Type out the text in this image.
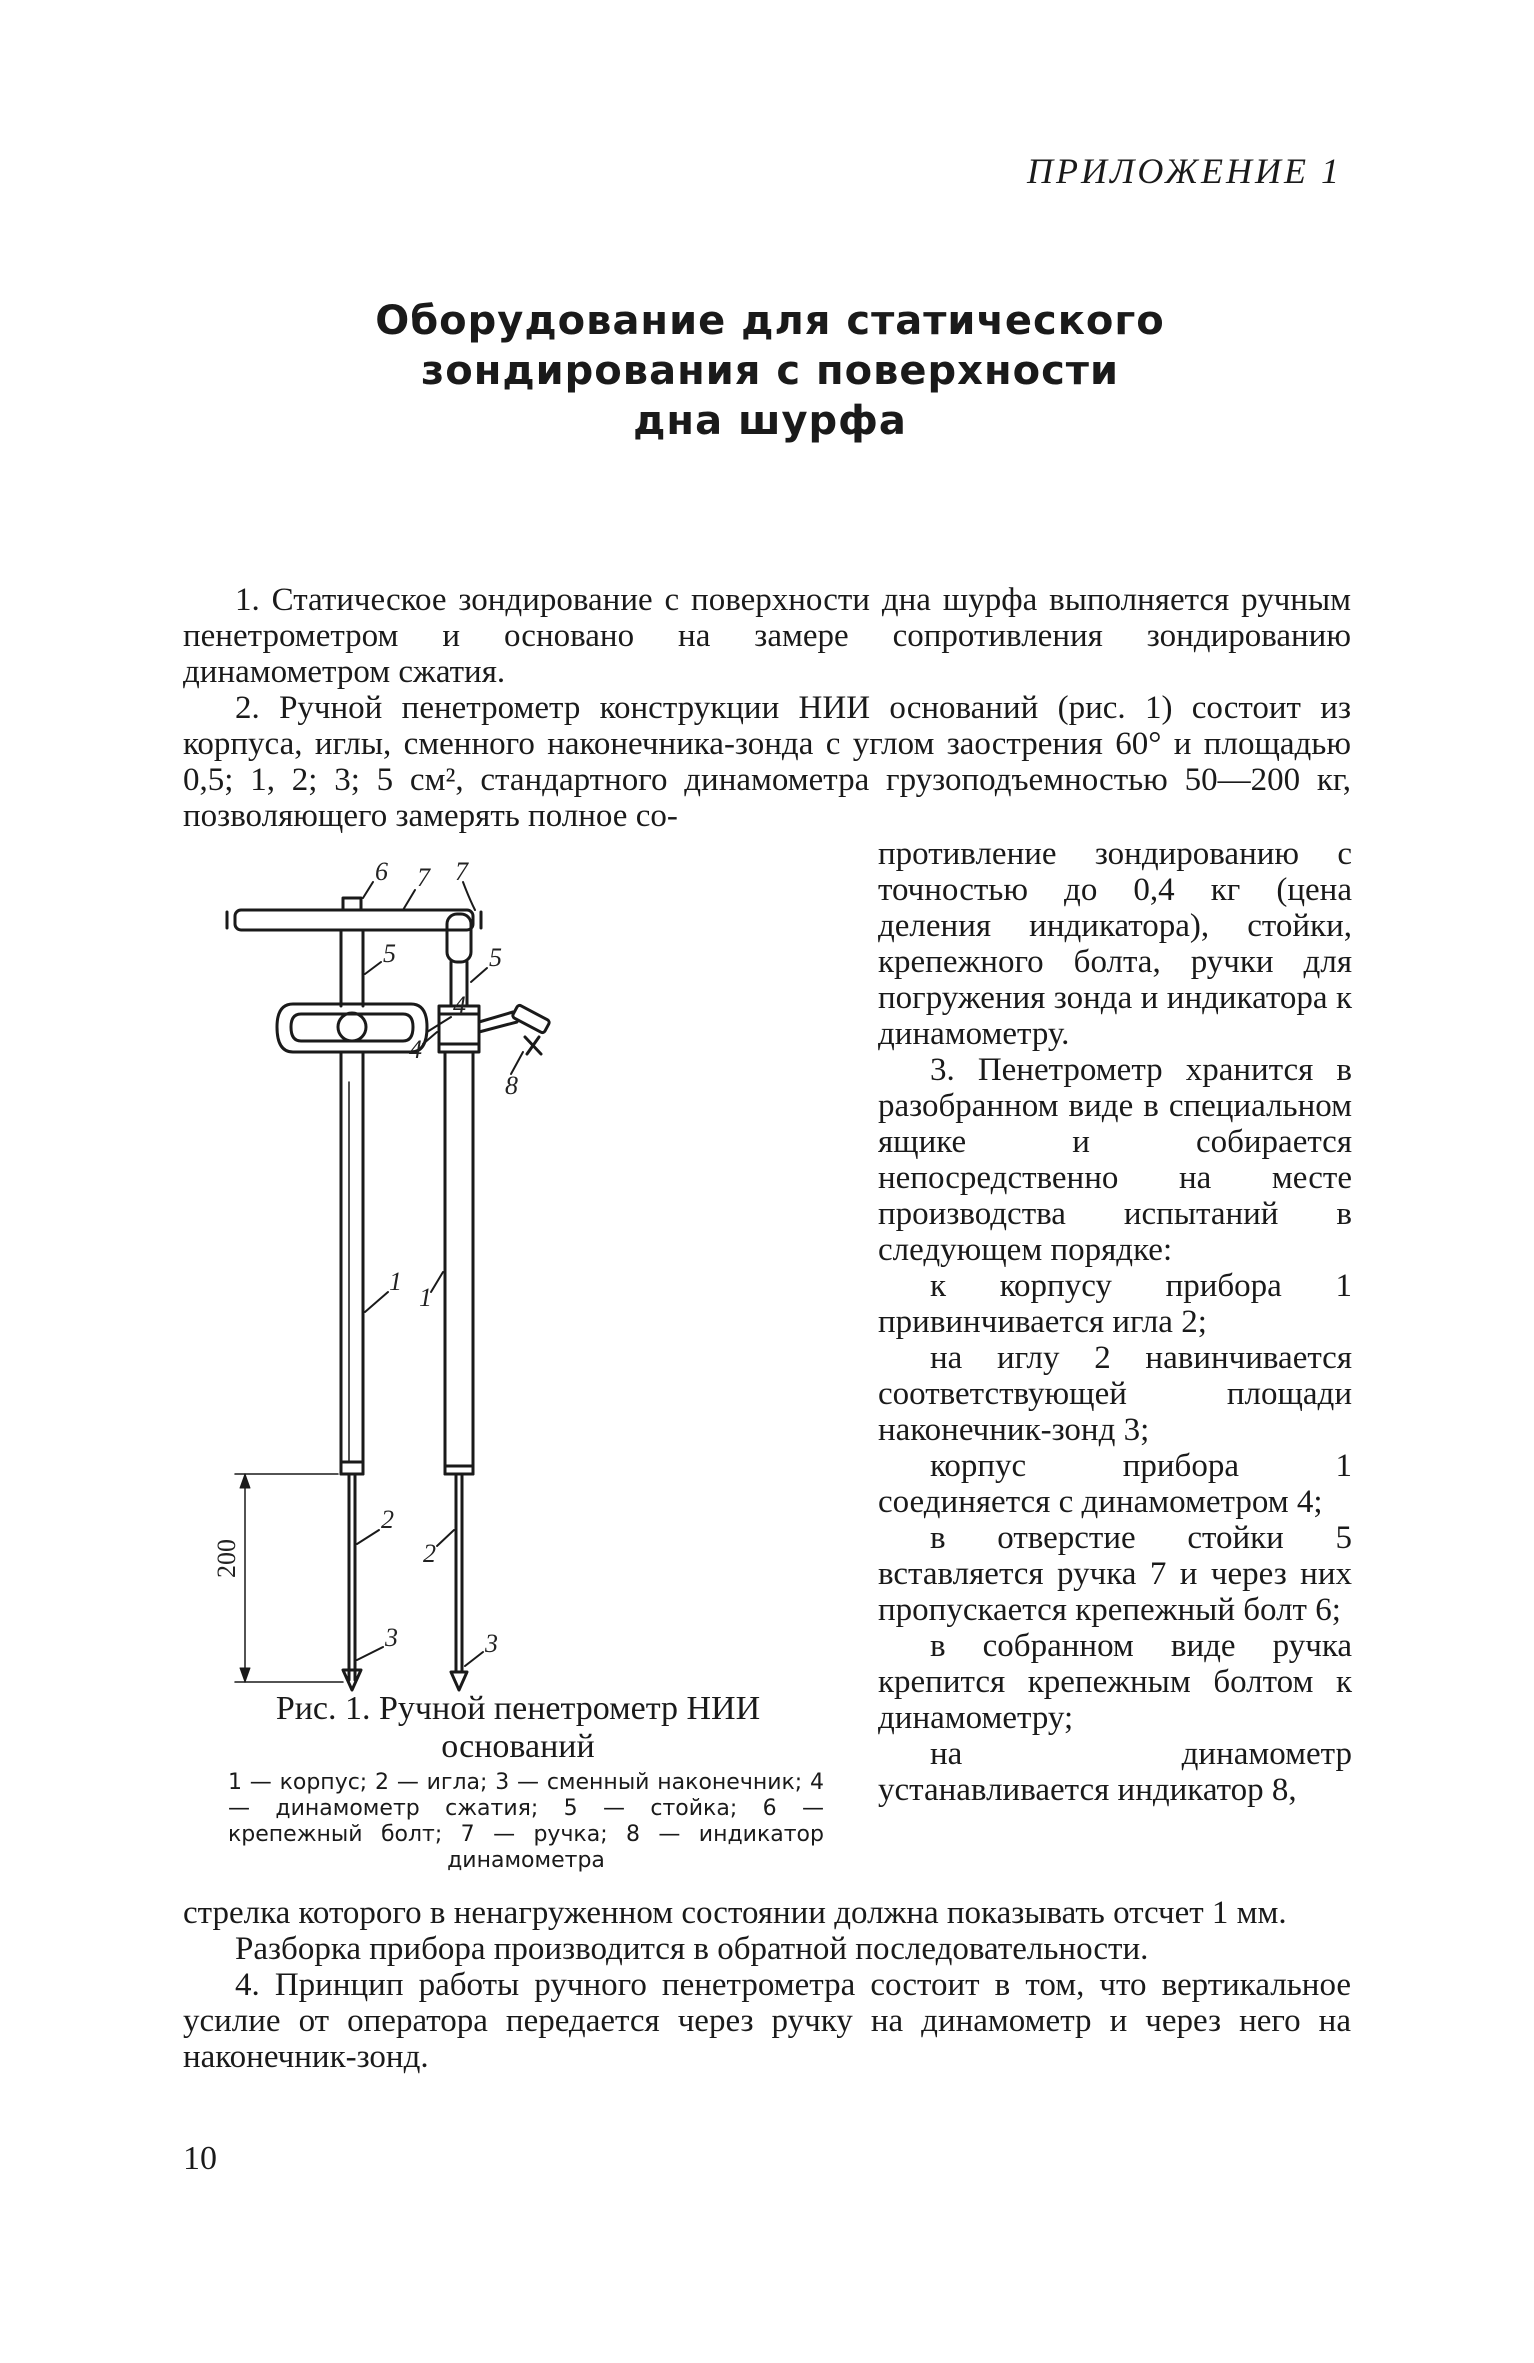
ПРИЛОЖЕНИЕ 1
Оборудование для статического
зондирования с поверхности
дна шурфа

1. Статическое зондирование с поверхности дна шурфа выполняется ручным пенетрометром и основано на замере сопротивления зондированию динамометром сжатия.

2. Ручной пенетрометр конструкции НИИ оснований (рис. 1) состоит из корпуса, иглы, сменного наконечника-зонда с углом заострения 60° и площадью 0,5; 1, 2; 3; 5 см², стандартного динамометра грузоподъемностью 50—200 кг, позволяющего замерять полное со-

противление зондированию с точностью до 0,4 кг (цена деления индикатора), стойки, крепежного болта, ручки для погружения зонда и индикатора к динамометру.

3. Пенетрометр хранится в разобранном виде в специальном ящике и собирается непосредственно на месте производства испытаний в следующем порядке:

к корпусу прибора 1 привинчивается игла 2;

на иглу 2 навинчивается соответствующей площади наконечник-зонд 3;

корпус прибора 1 соединяется с динамометром 4;

в отверстие стойки 5 вставляется ручка 7 и через них пропускается крепежный болт 6;

в собранном виде ручка крепится крепежным болтом к динамометру;

на динамометр устанавливается индикатор 8,

6 7
5
4
1
2
3
7
5
4
8
1
2
3
200
Рис. 1. Ручной пенетрометр НИИ
оснований
1 — корпус; 2 — игла; 3 — сменный наконечник; 4 — динамометр сжатия; 5 — стойка; 6 — крепежный болт; 7 — ручка; 8 — индикатор динамометра

стрелка которого в ненагруженном состоянии должна показывать отсчет 1 мм.

Разборка прибора производится в обратной последовательности.

4. Принцип работы ручного пенетрометра состоит в том, что вертикальное усилие от оператора передается через ручку на динамометр и через него на наконечник-зонд.

10
